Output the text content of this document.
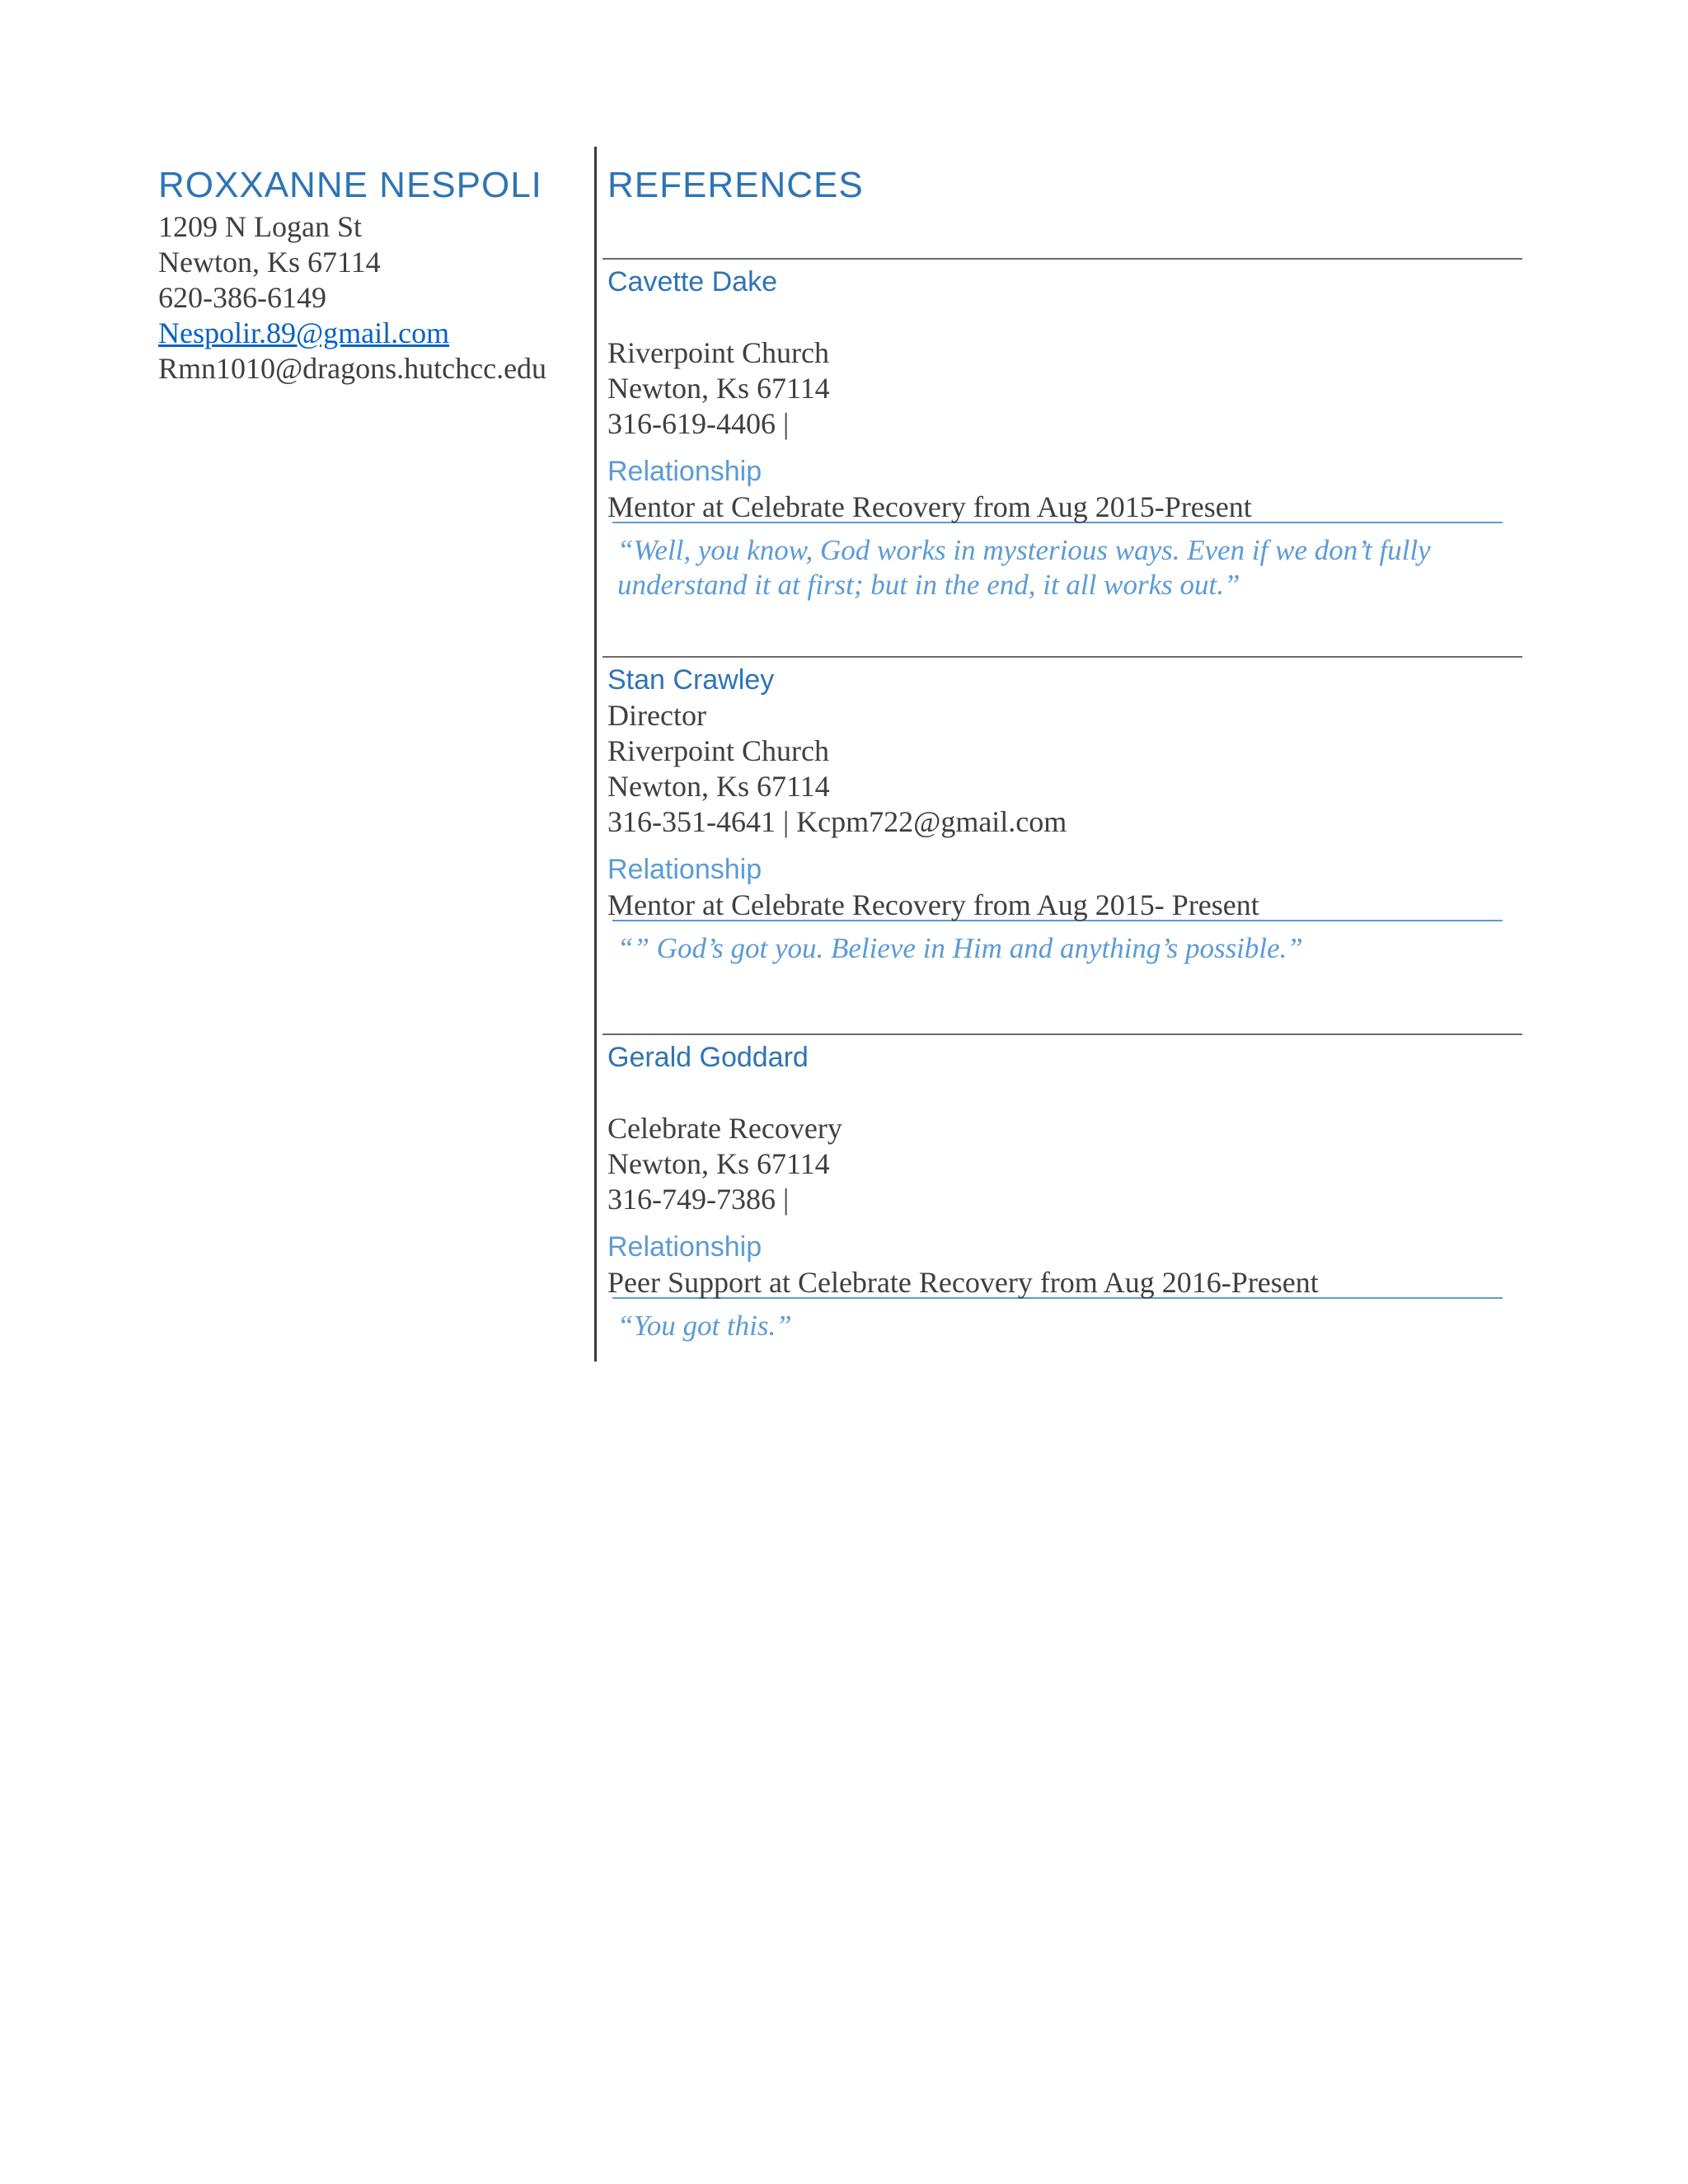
ROXXANNE NESPOLI
1209 N Logan St
Newton, Ks 67114
620-386-6149
Nespolir.89@gmail.com
Rmn1010@dragons.hutchcc.edu
REFERENCES
Cavette Dake
Riverpoint Church
Newton, Ks 67114
316-619-4406 |
Relationship
Mentor at Celebrate Recovery from Aug 2015-Present
“Well, you know, God works in mysterious ways. Even if we don’t fully
understand it at first; but in the end, it all works out.”
Stan Crawley
Director
Riverpoint Church
Newton, Ks 67114
316-351-4641 | Kcpm722@gmail.com
Relationship
Mentor at Celebrate Recovery from Aug 2015- Present
“” God’s got you. Believe in Him and anything’s possible.”
Gerald Goddard
Celebrate Recovery
Newton, Ks 67114
316-749-7386 |
Relationship
Peer Support at Celebrate Recovery from Aug 2016-Present
“You got this.”
